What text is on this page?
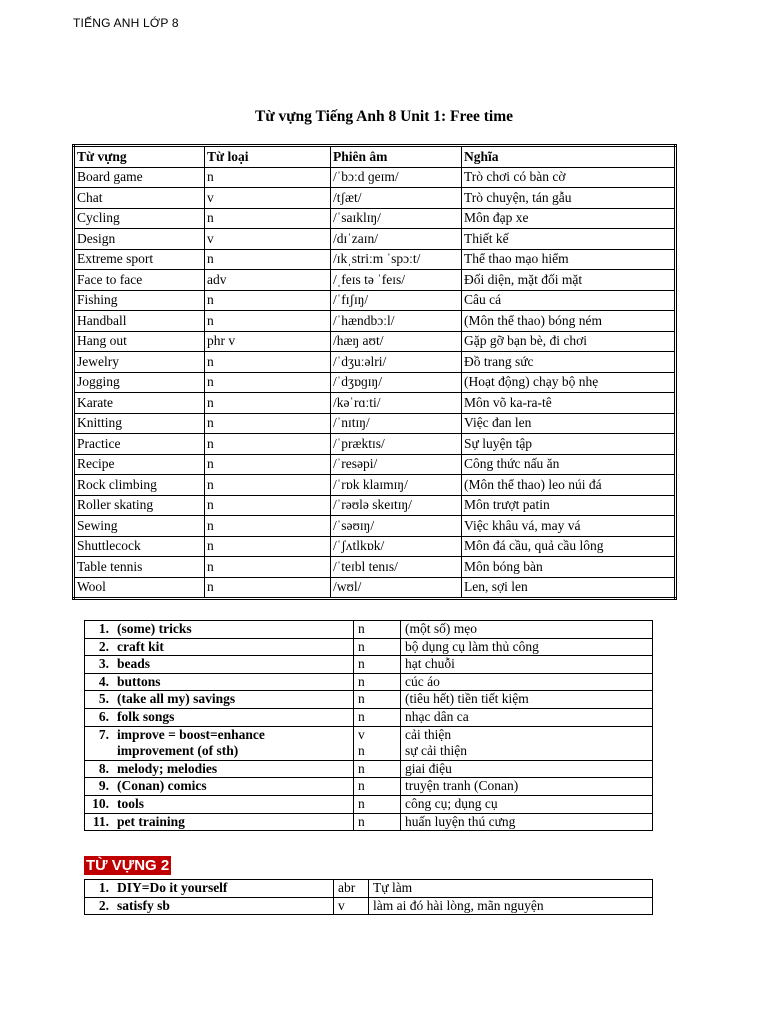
TIẾNG ANH LỚP 8
Từ vựng Tiếng Anh 8 Unit 1: Free time
Từ vựng	Từ loại	Phiên âm	Nghĩa
Board game	n	/ˈbɔːd ɡeɪm/	Trò chơi có bàn cờ
Chat	v	/tʃæt/	Trò chuyện, tán gẫu
Cycling	n	/ˈsaɪklɪŋ/	Môn đạp xe
Design	v	/dɪˈzaɪn/	Thiết kế
Extreme sport	n	/ɪkˌstriːm ˈspɔːt/	Thể thao mạo hiểm
Face to face	adv	/ˌfeɪs tə ˈfeɪs/	Đối diện, mặt đối mặt
Fishing	n	/ˈfɪʃɪŋ/	Câu cá
Handball	n	/ˈhændbɔːl/	(Môn thể thao) bóng ném
Hang out	phr v	/hæŋ aʊt/	Gặp gỡ bạn bè, đi chơi
Jewelry	n	/ˈdʒuːəlri/	Đồ trang sức
Jogging	n	/ˈdʒɒɡɪŋ/	(Hoạt động) chạy bộ nhẹ
Karate	n	/kəˈrɑːti/	Môn võ ka-ra-tê
Knitting	n	/ˈnɪtɪŋ/	Việc đan len
Practice	n	/ˈpræktɪs/	Sự luyện tập
Recipe	n	/ˈresəpi/	Công thức nấu ăn
Rock climbing	n	/ˈrɒk klaɪmɪŋ/	(Môn thể thao) leo núi đá
Roller skating	n	/ˈrəʊlə skeɪtɪŋ/	Môn trượt patin
Sewing	n	/ˈsəʊɪŋ/	Việc khâu vá, may vá
Shuttlecock	n	/ˈʃʌtlkɒk/	Môn đá cầu, quả cầu lông
Table tennis	n	/ˈteɪbl tenɪs/	Môn bóng bàn
Wool	n	/wʊl/	Len, sợi len
1.	(some) tricks	n	(một số) mẹo
2.	craft kit	n	bộ dụng cụ làm thủ công
3.	beads	n	hạt chuỗi
4.	buttons	n	cúc áo
5.	(take all my) savings	n	(tiêu hết) tiền tiết kiệm
6.	folk songs	n	nhạc dân ca
7.	improve = boost=enhance	v	cải thiện
	improvement (of sth)	n	sự cải thiện
8.	melody; melodies	n	giai điệu
9.	(Conan) comics	n	truyện tranh (Conan)
10.	tools	n	công cụ; dụng cụ
11.	pet training	n	huấn luyện thú cưng
TỪ VỰNG 2
1.	DIY=Do it yourself	abr	Tự làm
2.	satisfy sb	v	làm ai đó hài lòng, mãn nguyện
